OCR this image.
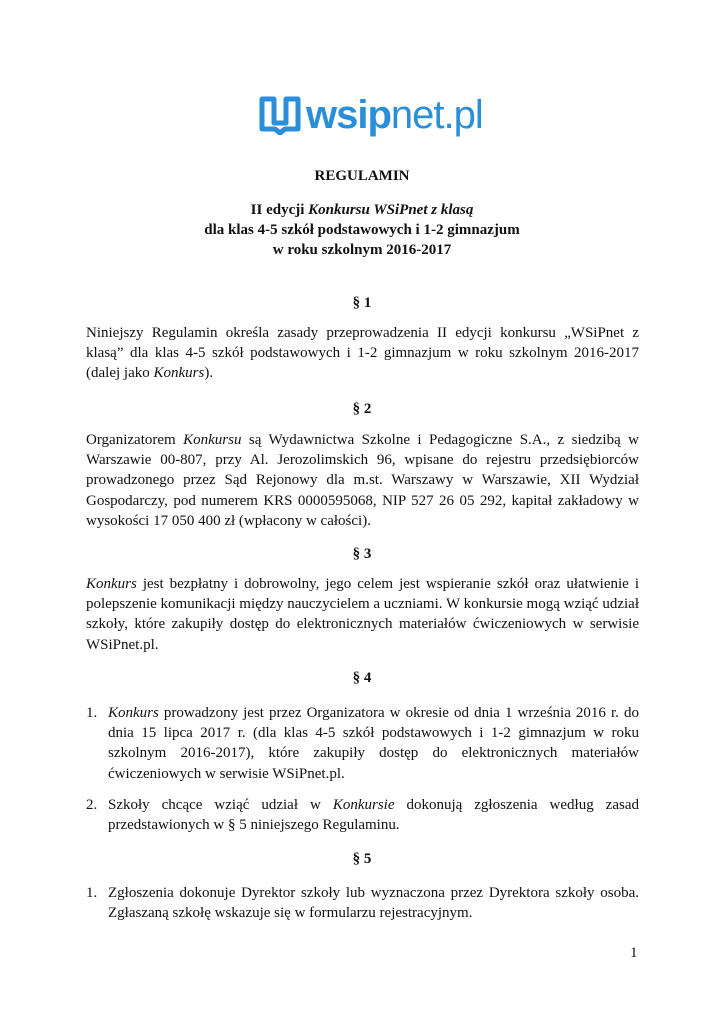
wsipnet.pl
REGULAMIN
II edycji Konkursu WSiPnet z klasą
dla klas 4-5 szkół podstawowych i 1-2 gimnazjum
w roku szkolnym 2016-2017
§ 1

Niniejszy Regulamin określa zasady przeprowadzenia II edycji konkursu „WSiPnet z klasą” dla klas 4-5 szkół podstawowych i 1-2 gimnazjum w roku szkolnym 2016-2017 (dalej jako Konkurs).

§ 2

Organizatorem Konkursu są Wydawnictwa Szkolne i Pedagogiczne S.A., z siedzibą w Warszawie 00-807, przy Al. Jerozolimskich 96, wpisane do rejestru przedsiębiorców prowadzonego przez Sąd Rejonowy dla m.st. Warszawy w Warszawie, XII Wydział Gospodarczy, pod numerem KRS 0000595068, NIP 527 26 05 292, kapitał zakładowy w wysokości 17 050 400 zł (wpłacony w całości).

§ 3

Konkurs jest bezpłatny i dobrowolny, jego celem jest wspieranie szkół oraz ułatwienie i polepszenie komunikacji między nauczycielem a uczniami. W konkursie mogą wziąć udział szkoły, które zakupiły dostęp do elektronicznych materiałów ćwiczeniowych w serwisie WSiPnet.pl.

§ 4
1. Konkurs prowadzony jest przez Organizatora w okresie od dnia 1 września 2016 r. do dnia 15 lipca 2017 r. (dla klas 4-5 szkół podstawowych i 1-2 gimnazjum w roku szkolnym 2016-2017), które zakupiły dostęp do elektronicznych materiałów ćwiczeniowych w serwisie WSiPnet.pl.
2. Szkoły chcące wziąć udział w Konkursie dokonują zgłoszenia według zasad przedstawionych w § 5 niniejszego Regulaminu.
§ 5
1. Zgłoszenia dokonuje Dyrektor szkoły lub wyznaczona przez Dyrektora szkoły osoba. Zgłaszaną szkołę wskazuje się w formularzu rejestracyjnym.
1
